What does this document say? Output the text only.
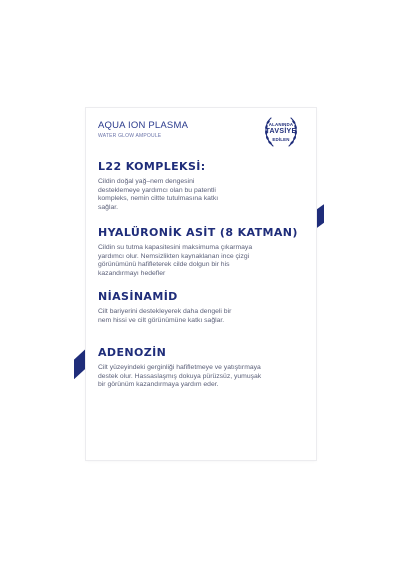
AQUA ION PLASMA
WATER GLOW AMPOULE
ALANINDA
TAVSİYE
EDİLEN
L22 KOMPLEKSİ:
Cildin doğal yağ–nem dengesini desteklemeye yardımcı olan bu patentli kompleks, nemin ciltte tutulmasına katkı sağlar.
HYALÜRONİK ASİT (8 KATMAN)
Cildin su tutma kapasitesini maksimuma çıkarmaya yardımcı olur. Nemsizlikten kaynaklanan ince çizgi görünümünü hafifleterek cilde dolgun bir his kazandırmayı hedefler
NİASİNAMİD
Cilt bariyerini destekleyerek daha dengeli bir nem hissi ve cilt görünümüne katkı sağlar.
ADENOZİN
Cilt yüzeyindeki gerginliği hafifletmeye ve yatıştırmaya destek olur. Hassaslaşmış dokuya pürüzsüz, yumuşak bir görünüm kazandırmaya yardım eder.
